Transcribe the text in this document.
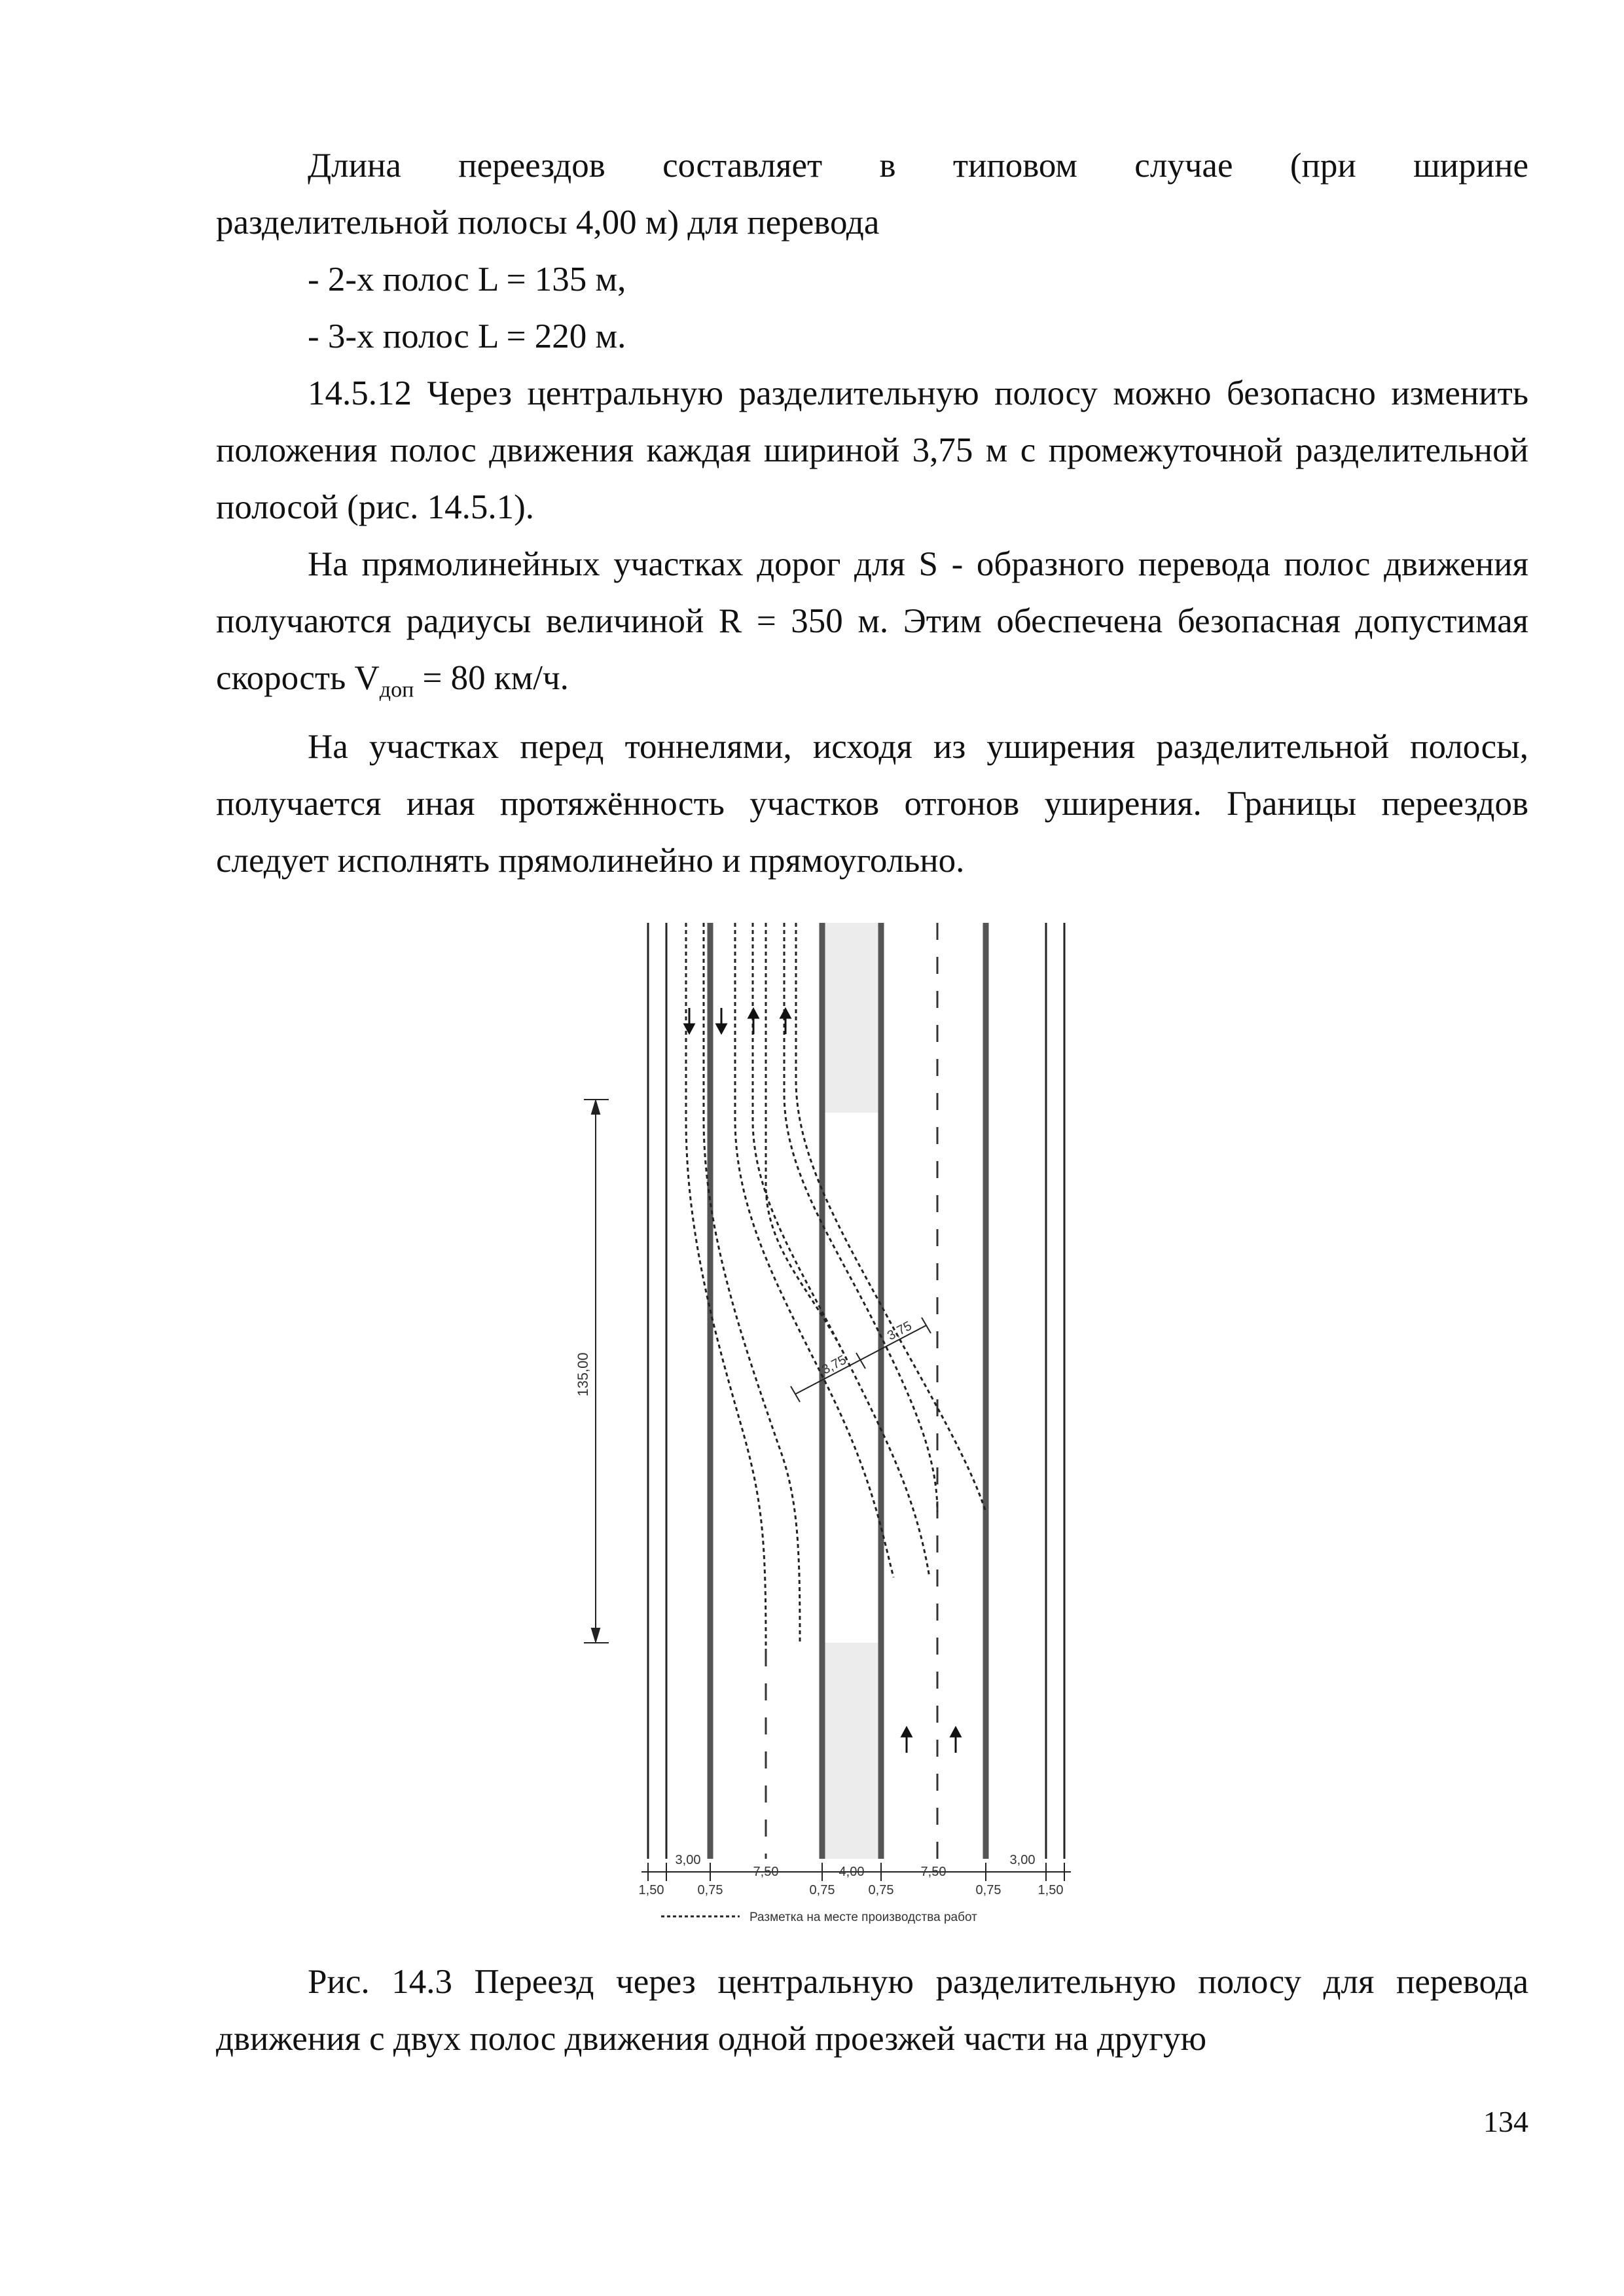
Длина переездов составляет в типовом случае (при ширине

разделительной полосы 4,00 м) для перевода

- 2-х полос L = 135 м,

- 3-х полос L = 220 м.

14.5.12 Через центральную разделительную полосу можно безопасно изменить положения полос движения каждая шириной 3,75 м с промежуточной разделительной полосой (рис. 14.5.1).

На прямолинейных участках дорог для S - образного перевода полос движения получаются радиусы величиной R = 350 м. Этим обеспечена безопасная допустимая скорость $V_{доп} = 80$ км/ч.

На участках перед тоннелями, исходя из уширения разделительной полосы, получается иная протяжённость участков отгонов уширения. Границы переездов следует исполнять прямолинейно и прямоугольно.

135,00	3,75
3,75
3,00
7,50	4,00	7,50
3,00
1,50	0,75	0,75	0,75	0,75	1,50
Разметка на месте производства работ

Рис. 14.3 Переезд через центральную разделительную полосу для перевода движения с двух полос движения одной проезжей части на другую

134
